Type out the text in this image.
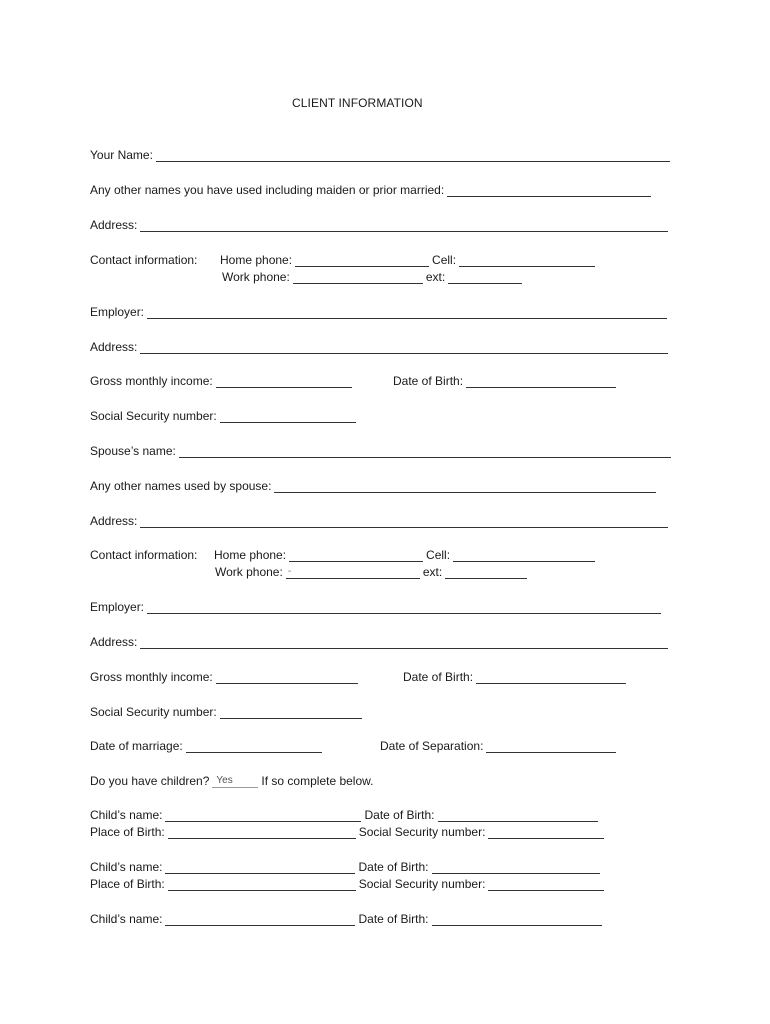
CLIENT INFORMATION
Your Name:
Any other names you have used including maiden or prior married:
Address:
Contact information: Home phone:	Cell:
Work phone:	ext:
Employer:
Address:
Gross monthly income:	Date of Birth:
Social Security number:
Spouse’s name:
Any other names used by spouse:
Address:
Contact information: Home phone:	Cell:
Work phone: -	ext:
Employer:
Address:
Gross monthly income:	Date of Birth:
Social Security number:
Date of marriage:	Date of Separation:
Do you have children? Yes If so complete below.
Child’s name:	Date of Birth:
Place of Birth:	Social Security number:
Child’s name:	Date of Birth:
Place of Birth:	Social Security number:
Child’s name:	Date of Birth:
